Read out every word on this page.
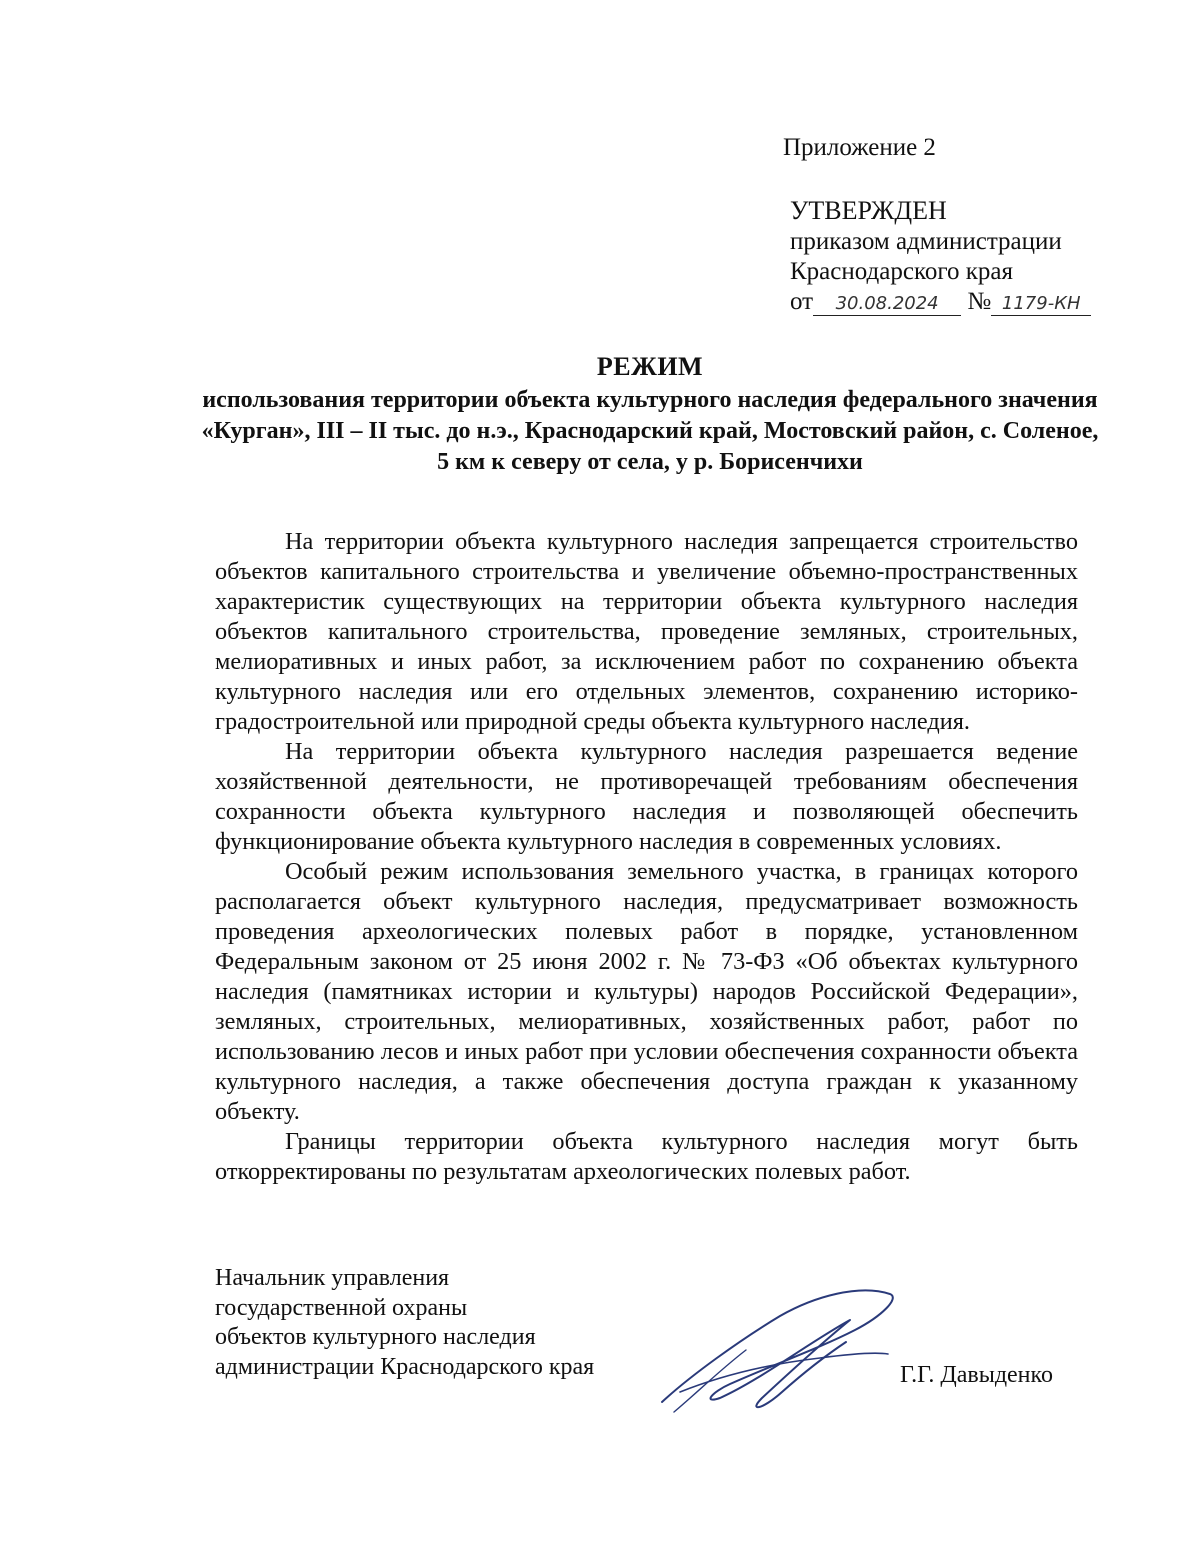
Приложение 2
УТВЕРЖДЕН
приказом администрации
Краснодарского края
от 30.08.2024 № 1179-КН
РЕЖИМ
использования территории объекта культурного наследия федерального значения «Курган», III – II тыс. до н.э., Краснодарский край, Мостовский район, с. Соленое, 5 км к северу от села, у р. Борисенчихи

На территории объекта культурного наследия запрещается строительство объектов капитального строительства и увеличение объемно-пространственных характеристик существующих на территории объекта культурного наследия объектов капитального строительства, проведение земляных, строительных, мелиоративных и иных работ, за исключением работ по сохранению объекта культурного наследия или его отдельных элементов, сохранению историко-градостроительной или природной среды объекта культурного наследия.

На территории объекта культурного наследия разрешается ведение хозяйственной деятельности, не противоречащей требованиям обеспечения сохранности объекта культурного наследия и позволяющей обеспечить функционирование объекта культурного наследия в современных условиях.

Особый режим использования земельного участка, в границах которого располагается объект культурного наследия, предусматривает возможность проведения археологических полевых работ в порядке, установленном Федеральным законом от 25 июня 2002 г. № 73-ФЗ «Об объектах культурного наследия (памятниках истории и культуры) народов Российской Федерации», земляных, строительных, мелиоративных, хозяйственных работ, работ по использованию лесов и иных работ при условии обеспечения сохранности объекта культурного наследия, а также обеспечения доступа граждан к указанному объекту.

Границы территории объекта культурного наследия могут быть откорректированы по результатам археологических полевых работ.

Начальник управления
государственной охраны
объектов культурного наследия
администрации Краснодарского края	Г.Г. Давыденко
